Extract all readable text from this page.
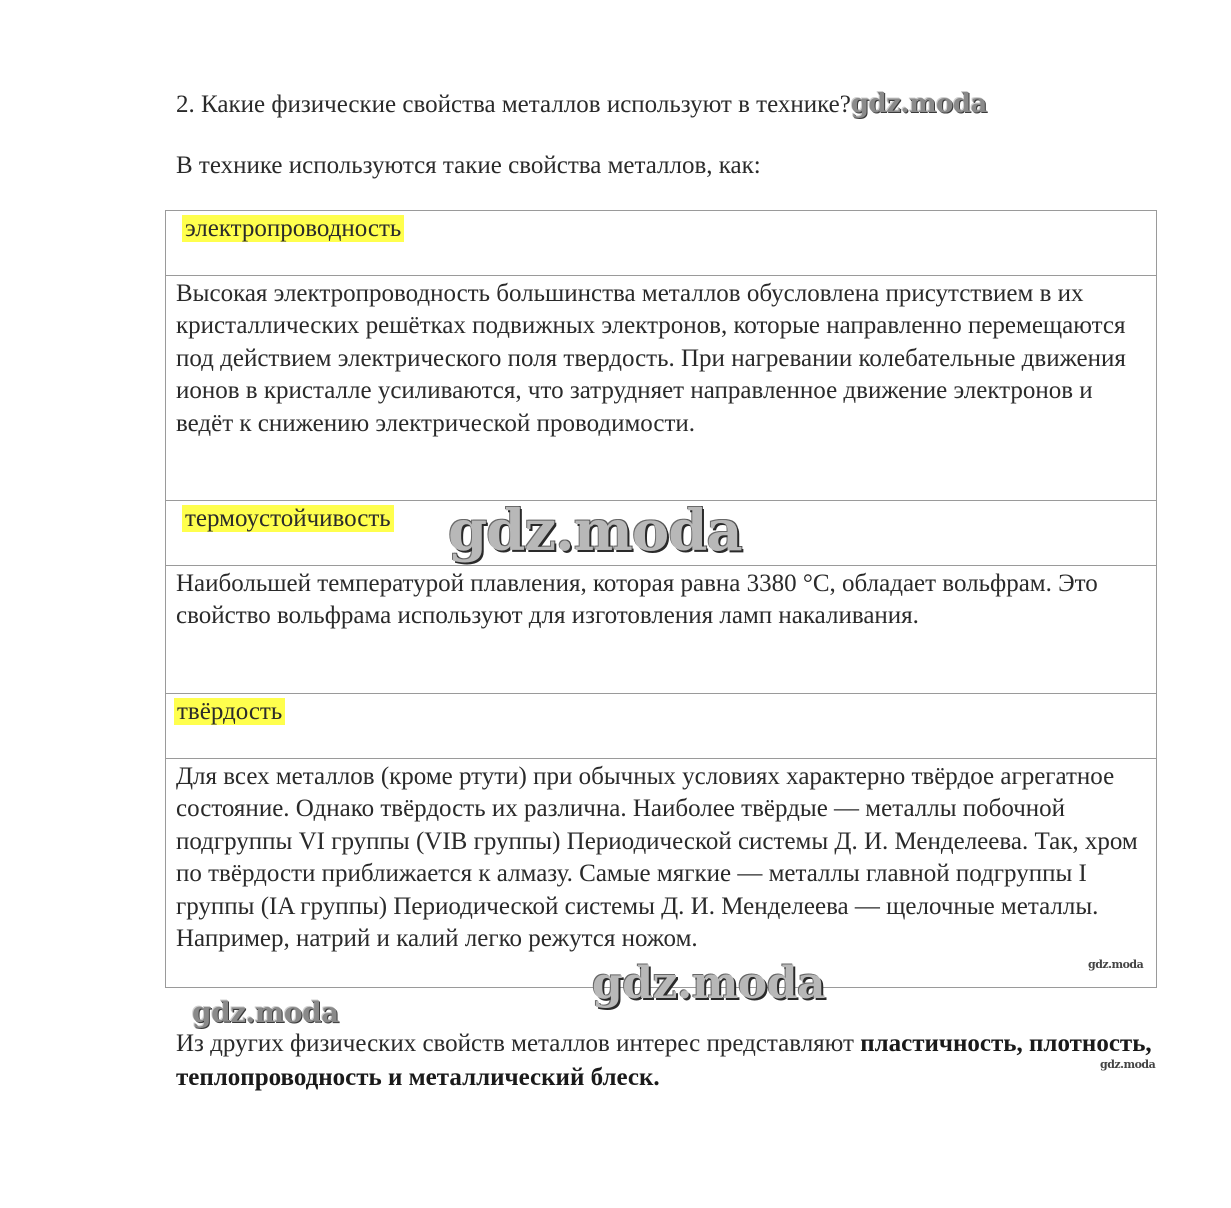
2. Какие физические свойства металлов используют в технике?gdz.moda
В технике используются такие свойства металлов, как:
электропроводность
Высокая электропроводность большинства металлов обусловлена присутствием в их кристаллических решётках подвижных электронов, которые направленно перемещаются под действием электрического поля твердость. При нагревании колебательные движения ионов в кристалле усиливаются, что затрудняет направленное движение электронов и ведёт к снижению электрической проводимости.
термоустойчивость
Наибольшей температурой плавления, которая равна 3380 °С, обладает вольфрам. Это свойство вольфрама используют для изготовления ламп накаливания.
твёрдость
Для всех металлов (кроме ртути) при обычных условиях характерно твёрдое агрегатное состояние. Однако твёрдость их различна. Наиболее твёрдые — металлы побочной подгруппы VI группы (VIB группы) Периодической системы Д. И. Менделеева. Так, хром по твёрдости приближается к алмазу. Самые мягкие — металлы главной подгруппы I группы (IA группы) Периодической системы Д. И. Менделеева — щелочные металлы. Например, натрий и калий легко режутся ножом.
gdz.moda
gdz.moda
gdz.moda
gdz.moda
gdz.moda
Из других физических свойств металлов интерес представляют пластичность, плотность, теплопроводность и металлический блеск.
